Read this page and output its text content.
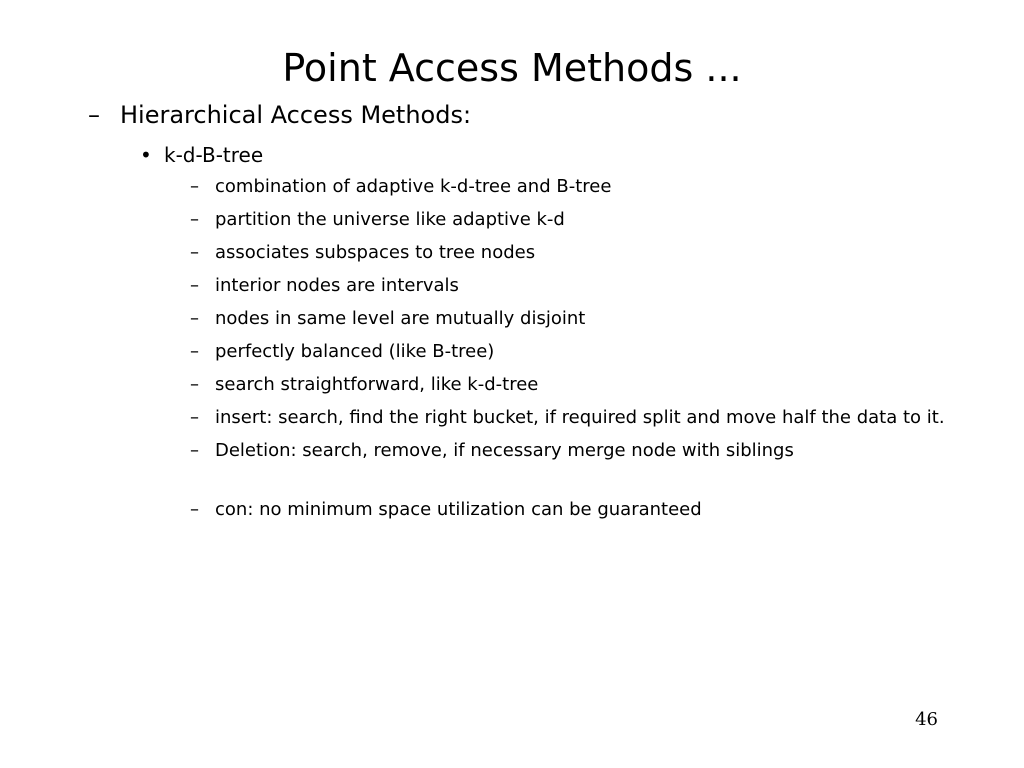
Point Access Methods ...
– Hierarchical Access Methods:
• k-d-B-tree
– combination of adaptive k-d-tree and B-tree
– partition the universe like adaptive k-d
– associates subspaces to tree nodes
– interior nodes are intervals
– nodes in same level are mutually disjoint
– perfectly balanced (like B-tree)
– search straightforward, like k-d-tree
– insert: search, find the right bucket, if required split and move half the data to it.
– Deletion: search, remove, if necessary merge node with siblings
– con: no minimum space utilization can be guaranteed
46
